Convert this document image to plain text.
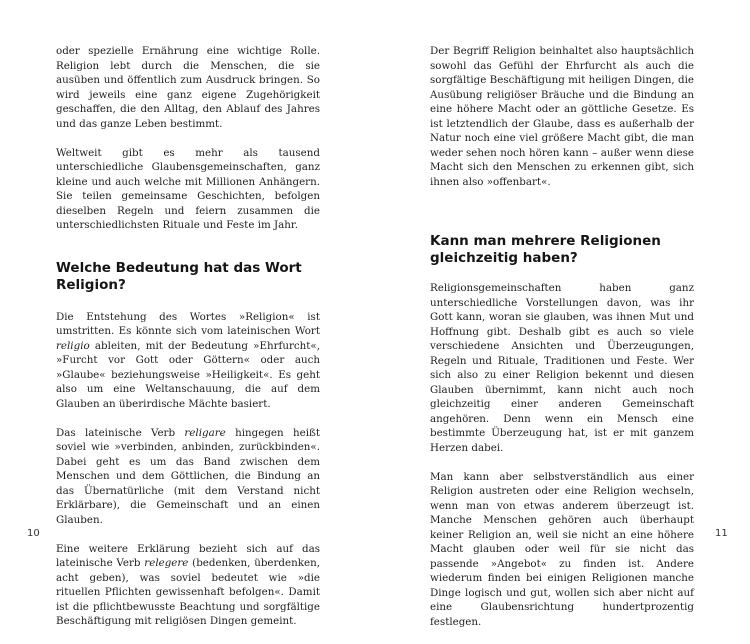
oder spezielle Ernährung eine wichtige Rolle. Religion lebt durch die Menschen, die sie ausüben und öffentlich zum Ausdruck bringen. So wird jeweils eine ganz eigene Zugehörigkeit geschaffen, die den Alltag, den Ablauf des Jahres und das ganze Leben bestimmt.

Weltweit gibt es mehr als tausend unterschiedliche Glaubensgemeinschaften, ganz kleine und auch welche mit Millionen Anhängern. Sie teilen gemeinsame Geschichten, befolgen dieselben Regeln und feiern zusammen die unterschiedlichsten Rituale und Feste im Jahr.

Welche Bedeutung hat das Wort Religion?

Die Entstehung des Wortes »Religion« ist umstritten. Es könnte sich vom lateinischen Wort religio ableiten, mit der Bedeutung »Ehrfurcht«, »Furcht vor Gott oder Göttern« oder auch »Glaube« beziehungsweise »Heiligkeit«. Es geht also um eine Weltanschauung, die auf dem Glauben an überirdische Mächte basiert.

Das lateinische Verb religare hingegen heißt soviel wie »verbinden, anbinden, zurückbinden«. Dabei geht es um das Band zwischen dem Menschen und dem Göttlichen, die Bindung an das Übernatürliche (mit dem Verstand nicht Erklärbare), die Gemeinschaft und an einen Glauben.

Eine weitere Erklärung bezieht sich auf das lateinische Verb relegere (bedenken, überdenken, acht geben), was soviel bedeutet wie »die rituellen Pflichten gewissenhaft befolgen«. Damit ist die pflichtbewusste Beachtung und sorgfältige Beschäftigung mit religiösen Dingen gemeint.

10

Der Begriff Religion beinhaltet also hauptsächlich sowohl das Gefühl der Ehrfurcht als auch die sorgfältige Beschäftigung mit heiligen Dingen, die Ausübung religiöser Bräuche und die Bindung an eine höhere Macht oder an göttliche Gesetze. Es ist letztendlich der Glaube, dass es außerhalb der Natur noch eine viel größere Macht gibt, die man weder sehen noch hören kann – außer wenn diese Macht sich den Menschen zu erkennen gibt, sich ihnen also »offenbart«.

Kann man mehrere Religionen gleichzeitig haben?

Religionsgemeinschaften haben ganz unterschiedliche Vorstellungen davon, was ihr Gott kann, woran sie glauben, was ihnen Mut und Hoffnung gibt. Deshalb gibt es auch so viele verschiedene Ansichten und Überzeugungen, Regeln und Rituale, Traditionen und Feste. Wer sich also zu einer Religion bekennt und diesen Glauben übernimmt, kann nicht auch noch gleichzeitig einer anderen Gemeinschaft angehören. Denn wenn ein Mensch eine bestimmte Überzeugung hat, ist er mit ganzem Herzen dabei.

Man kann aber selbstverständlich aus einer Religion austreten oder eine Religion wechseln, wenn man von etwas anderem überzeugt ist. Manche Menschen gehören auch überhaupt keiner Religion an, weil sie nicht an eine höhere Macht glauben oder weil für sie nicht das passende »Angebot« zu finden ist. Andere wiederum finden bei einigen Religionen manche Dinge logisch und gut, wollen sich aber nicht auf eine Glaubensrichtung hundertprozentig festlegen.

11
